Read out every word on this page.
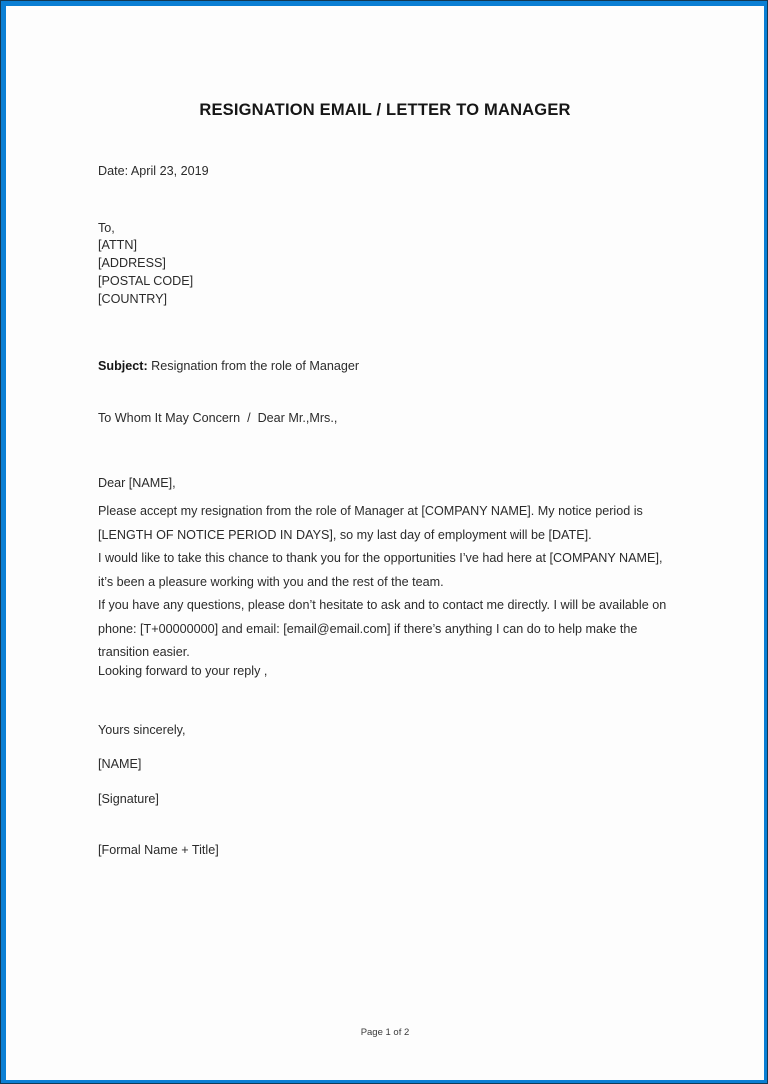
RESIGNATION EMAIL / LETTER TO MANAGER
Date: April 23, 2019
To,
[ATTN]
[ADDRESS]
[POSTAL CODE]
[COUNTRY]
Subject: Resignation from the role of Manager
To Whom It May Concern  /  Dear Mr.,Mrs.,
Dear [NAME],
Please accept my resignation from the role of Manager at [COMPANY NAME]. My notice period is [LENGTH OF NOTICE PERIOD IN DAYS], so my last day of employment will be [DATE].
I would like to take this chance to thank you for the opportunities I’ve had here at [COMPANY NAME], it’s been a pleasure working with you and the rest of the team.
If you have any questions, please don’t hesitate to ask and to contact me directly. I will be available on phone: [T+00000000] and email: [email@email.com] if there’s anything I can do to help make the transition easier.
Looking forward to your reply ,
Yours sincerely,
[NAME]
[Signature]
[Formal Name + Title]
Page 1 of 2
